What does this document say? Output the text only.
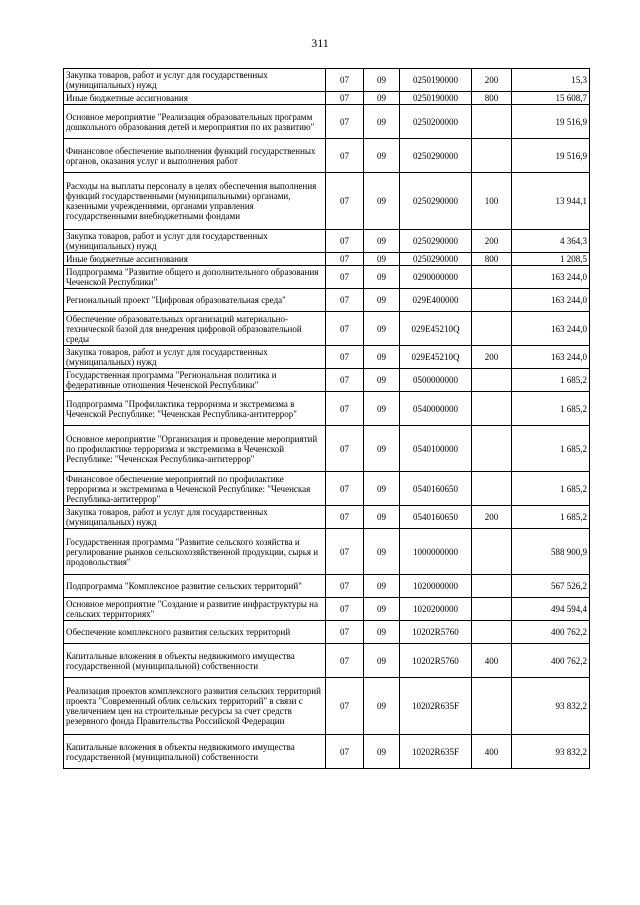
311
Закупка товаров, работ и услуг для государственных (муниципальных) нужд	07	09	0250190000	200	15,3
Иные бюджетные ассигнования	07	09	0250190000	800	15 608,7
Основное мероприятие "Реализация образовательных программ дошкольного образования детей и мероприятия по их развитию"	07	09	0250200000		19 516,9
Финансовое обеспечение выполнения функций государственных органов, оказания услуг и выполнения работ	07	09	0250290000		19 516,9
Расходы на выплаты персоналу в целях обеспечения выполнения функций государственными (муниципальными) органами, казенными учреждениями, органами управления государственными внебюджетными фондами	07	09	0250290000	100	13 944,1
Закупка товаров, работ и услуг для государственных (муниципальных) нужд	07	09	0250290000	200	4 364,3
Иные бюджетные ассигнования	07	09	0250290000	800	1 208,5
Подпрограмма "Развитие общего и дополнительного образования Чеченской Республики"	07	09	0290000000		163 244,0
Региональный проект "Цифровая образовательная среда"	07	09	029E400000		163 244,0
Обеспечение образовательных организаций материально-технической базой для внедрения цифровой образовательной среды	07	09	029E45210Q		163 244,0
Закупка товаров, работ и услуг для государственных (муниципальных) нужд	07	09	029E45210Q	200	163 244,0
Государственная программа "Региональная политика и федеративные отношения Чеченской Республики"	07	09	0500000000		1 685,2
Подпрограмма "Профилактика терроризма и экстремизма в Чеченской Республике: "Чеченская Республика-антитеррор"	07	09	0540000000		1 685,2
Основное мероприятие "Организация и проведение мероприятий по профилактике терроризма и экстремизма в Чеченской Республике: "Чеченская Республика-антитеррор"	07	09	0540100000		1 685,2
Финансовое обеспечение мероприятий по профилактике терроризма и экстремизма в Чеченской Республике: "Чеченская Республика-антитеррор"	07	09	0540160650		1 685,2
Закупка товаров, работ и услуг для государственных (муниципальных) нужд	07	09	0540160650	200	1 685,2
Государственная программа "Развитие сельского хозяйства и регулирование рынков сельскохозяйственной продукции, сырья и продовольствия"	07	09	1000000000		588 900,9
Подпрограмма "Комплексное развитие сельских территорий"	07	09	1020000000		567 526,2
Основное мероприятие "Создание и развитие инфраструктуры на сельских территориях"	07	09	1020200000		494 594,4
Обеспечение комплексного развития сельских территорий	07	09	10202R5760		400 762,2
Капитальные вложения в объекты недвижимого имущества государственной (муниципальной) собственности	07	09	10202R5760	400	400 762,2
Реализация проектов комплексного развития сельских территорий проекта "Современный облик сельских территорий" в связи с увеличением цен на строительные ресурсы за счет средств резервного фонда Правительства Российской Федерации	07	09	10202R635F		93 832,2
Капитальные вложения в объекты недвижимого имущества государственной (муниципальной) собственности	07	09	10202R635F	400	93 832,2
